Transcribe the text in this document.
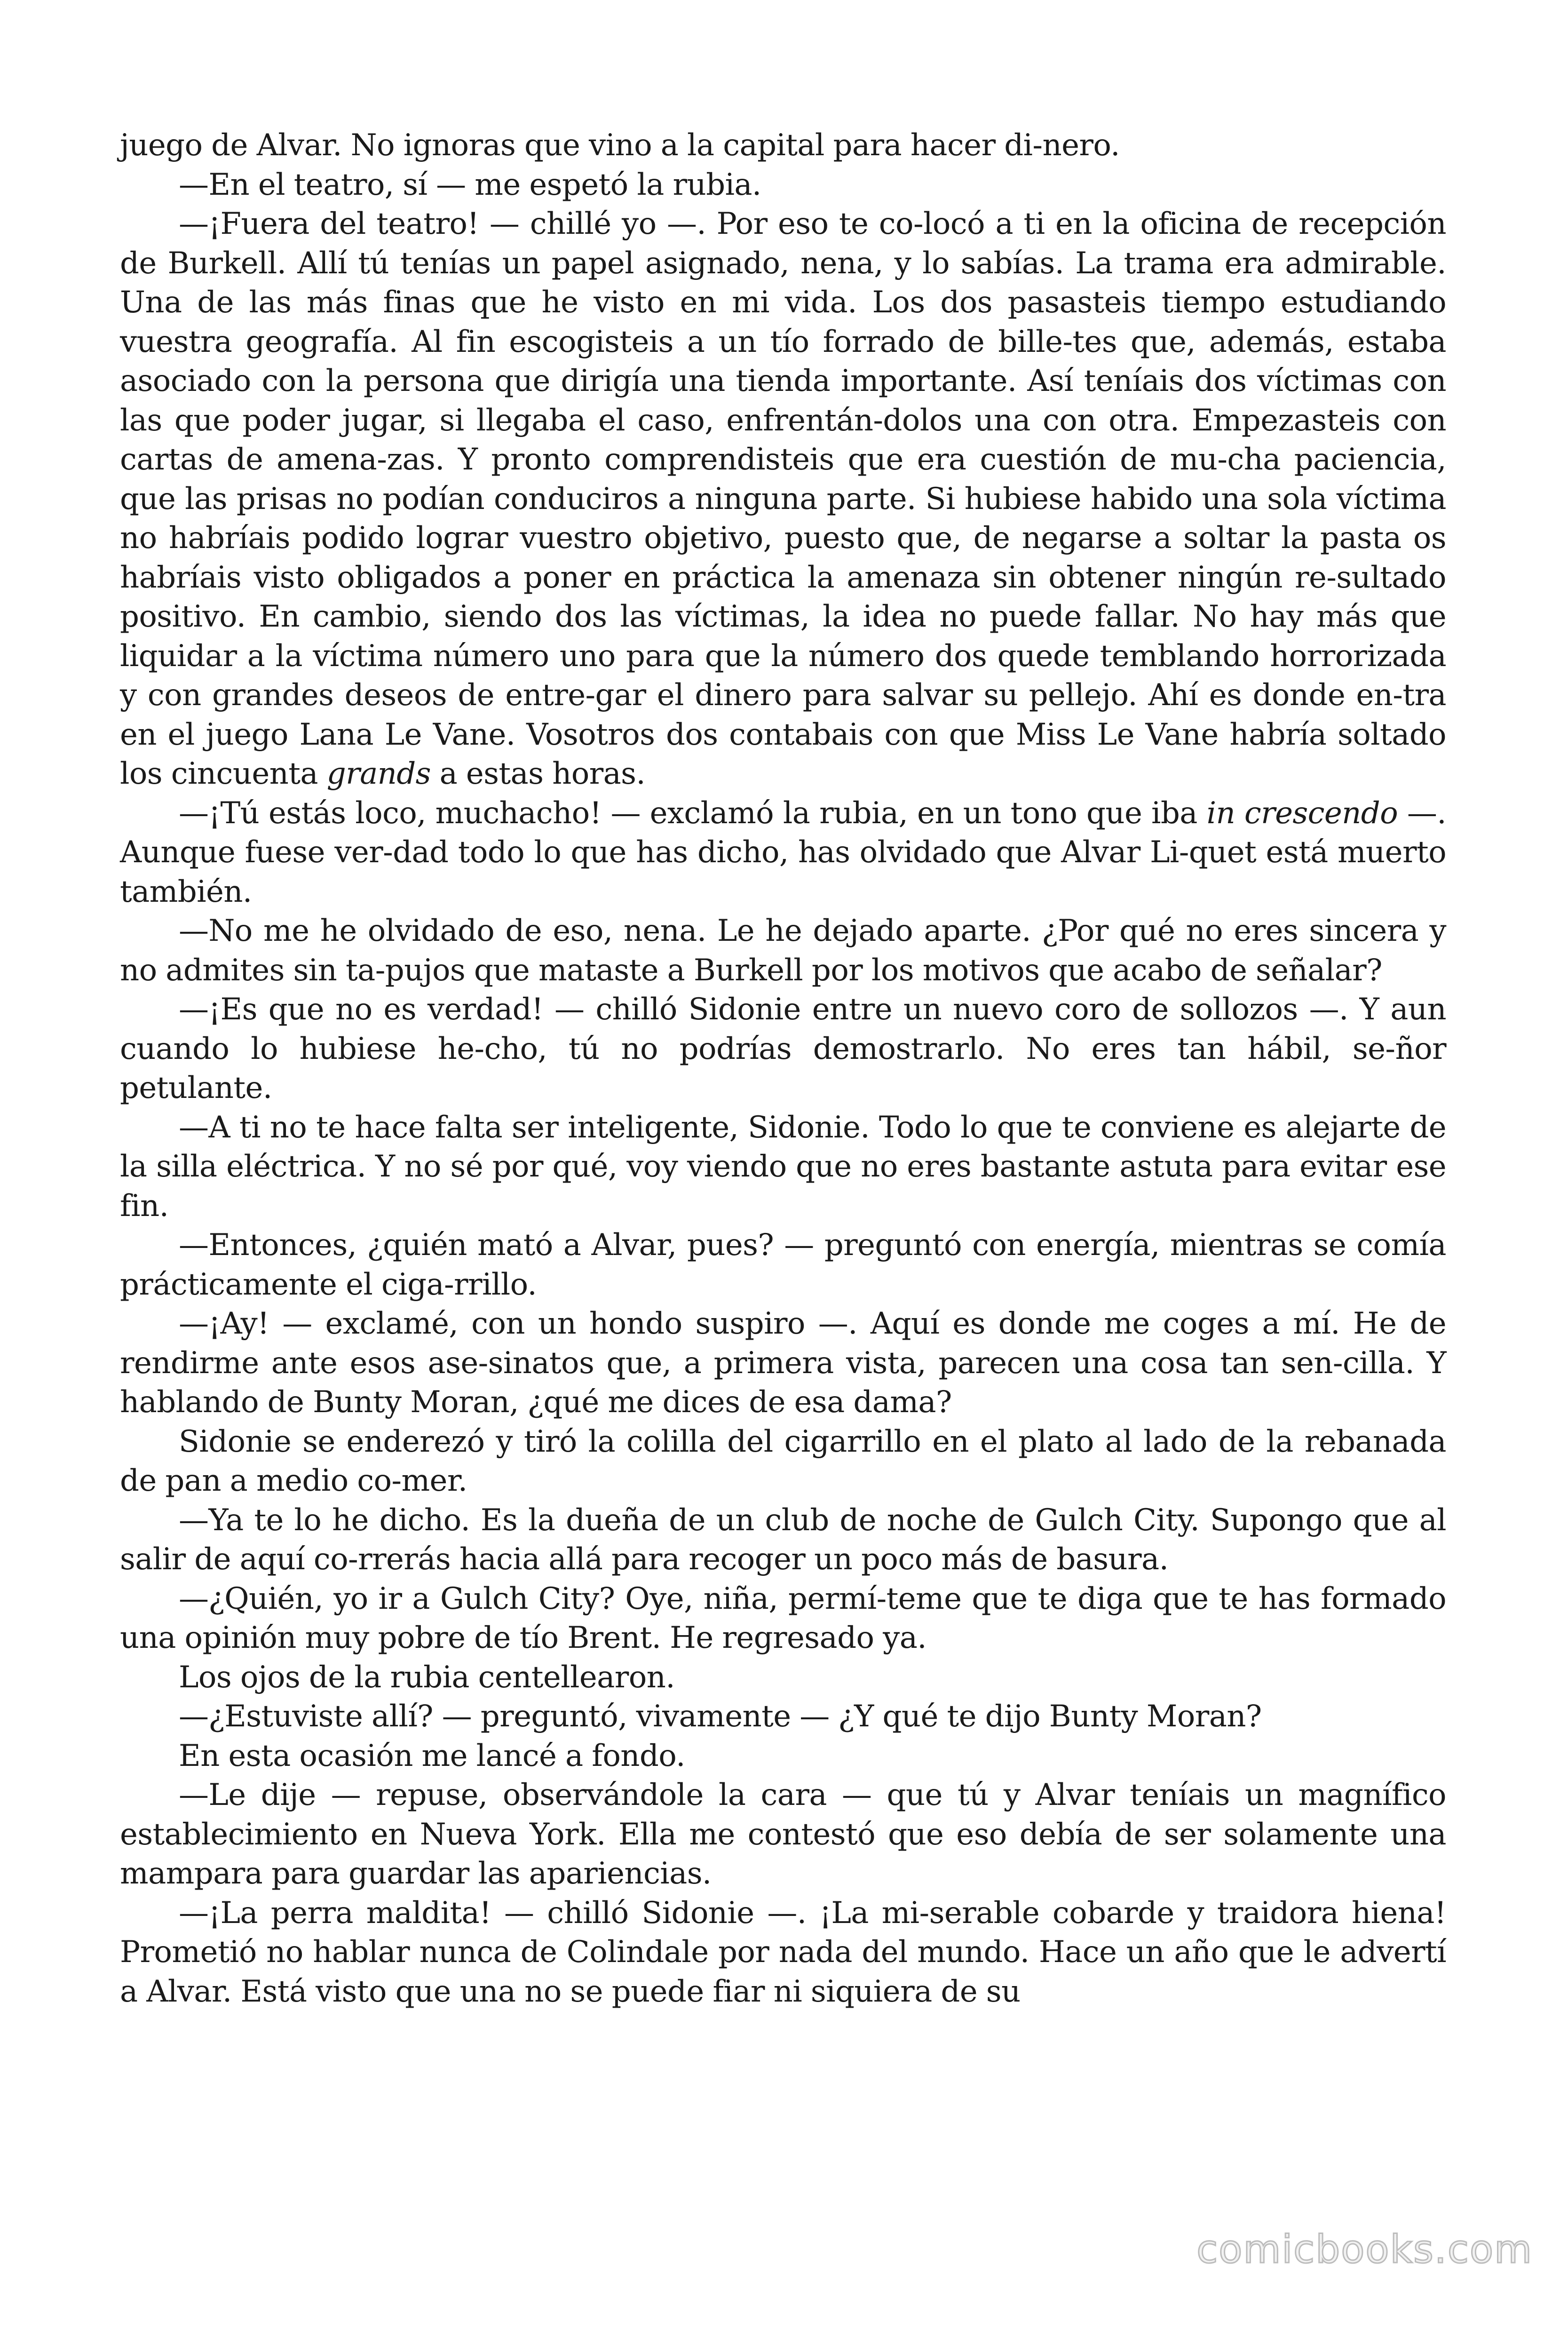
juego de Alvar. No ignoras que vino a la capital para hacer di-nero.

—En el teatro, sí — me espetó la rubia.

—¡Fuera del teatro! — chillé yo —. Por eso te co-locó a ti en la oficina de recepción de Burkell. Allí tú tenías un papel asignado, nena, y lo sabías. La trama era admirable. Una de las más finas que he visto en mi vida. Los dos pasasteis tiempo estudiando vuestra geografía. Al fin escogisteis a un tío forrado de bille-tes que, además, estaba asociado con la persona que dirigía una tienda importante. Así teníais dos víctimas con las que poder jugar, si llegaba el caso, enfrentán-dolos una con otra. Empezasteis con cartas de amena-zas. Y pronto comprendisteis que era cuestión de mu-cha paciencia, que las prisas no podían conduciros a ninguna parte. Si hubiese habido una sola víctima no habríais podido lograr vuestro objetivo, puesto que, de negarse a soltar la pasta os habríais visto obligados a poner en práctica la amenaza sin obtener ningún re-sultado positivo. En cambio, siendo dos las víctimas, la idea no puede fallar. No hay más que liquidar a la víctima número uno para que la número dos quede temblando horrorizada y con grandes deseos de entre-gar el dinero para salvar su pellejo. Ahí es donde en-tra en el juego Lana Le Vane. Vosotros dos contabais con que Miss Le Vane habría soltado los cincuenta grands a estas horas.

—¡Tú estás loco, muchacho! — exclamó la rubia, en un tono que iba in crescendo —. Aunque fuese ver-dad todo lo que has dicho, has olvidado que Alvar Li-quet está muerto también.

—No me he olvidado de eso, nena. Le he dejado aparte. ¿Por qué no eres sincera y no admites sin ta-pujos que mataste a Burkell por los motivos que acabo de señalar?

—¡Es que no es verdad! — chilló Sidonie entre un nuevo coro de sollozos —. Y aun cuando lo hubiese he-cho, tú no podrías demostrarlo. No eres tan hábil, se-ñor petulante.

—A ti no te hace falta ser inteligente, Sidonie. Todo lo que te conviene es alejarte de la silla eléctrica. Y no sé por qué, voy viendo que no eres bastante astuta para evitar ese fin.

—Entonces, ¿quién mató a Alvar, pues? — preguntó con energía, mientras se comía prácticamente el ciga-rrillo.

—¡Ay! — exclamé, con un hondo suspiro —. Aquí es donde me coges a mí. He de rendirme ante esos ase-sinatos que, a primera vista, parecen una cosa tan sen-cilla. Y hablando de Bunty Moran, ¿qué me dices de esa dama?

Sidonie se enderezó y tiró la colilla del cigarrillo en el plato al lado de la rebanada de pan a medio co-mer.

—Ya te lo he dicho. Es la dueña de un club de noche de Gulch City. Supongo que al salir de aquí co-rrerás hacia allá para recoger un poco más de basura.

—¿Quién, yo ir a Gulch City? Oye, niña, permí-teme que te diga que te has formado una opinión muy pobre de tío Brent. He regresado ya.

Los ojos de la rubia centellearon.

—¿Estuviste allí? — preguntó, vivamente — ¿Y qué te dijo Bunty Moran?

En esta ocasión me lancé a fondo.

—Le dije — repuse, observándole la cara — que tú y Alvar teníais un magnífico establecimiento en Nueva York. Ella me contestó que eso debía de ser solamente una mampara para guardar las apariencias.

—¡La perra maldita! — chilló Sidonie —. ¡La mi-serable cobarde y traidora hiena! Prometió no hablar nunca de Colindale por nada del mundo. Hace un año que le advertí a Alvar. Está visto que una no se puede fiar ni siquiera de su

comicbooks.com
